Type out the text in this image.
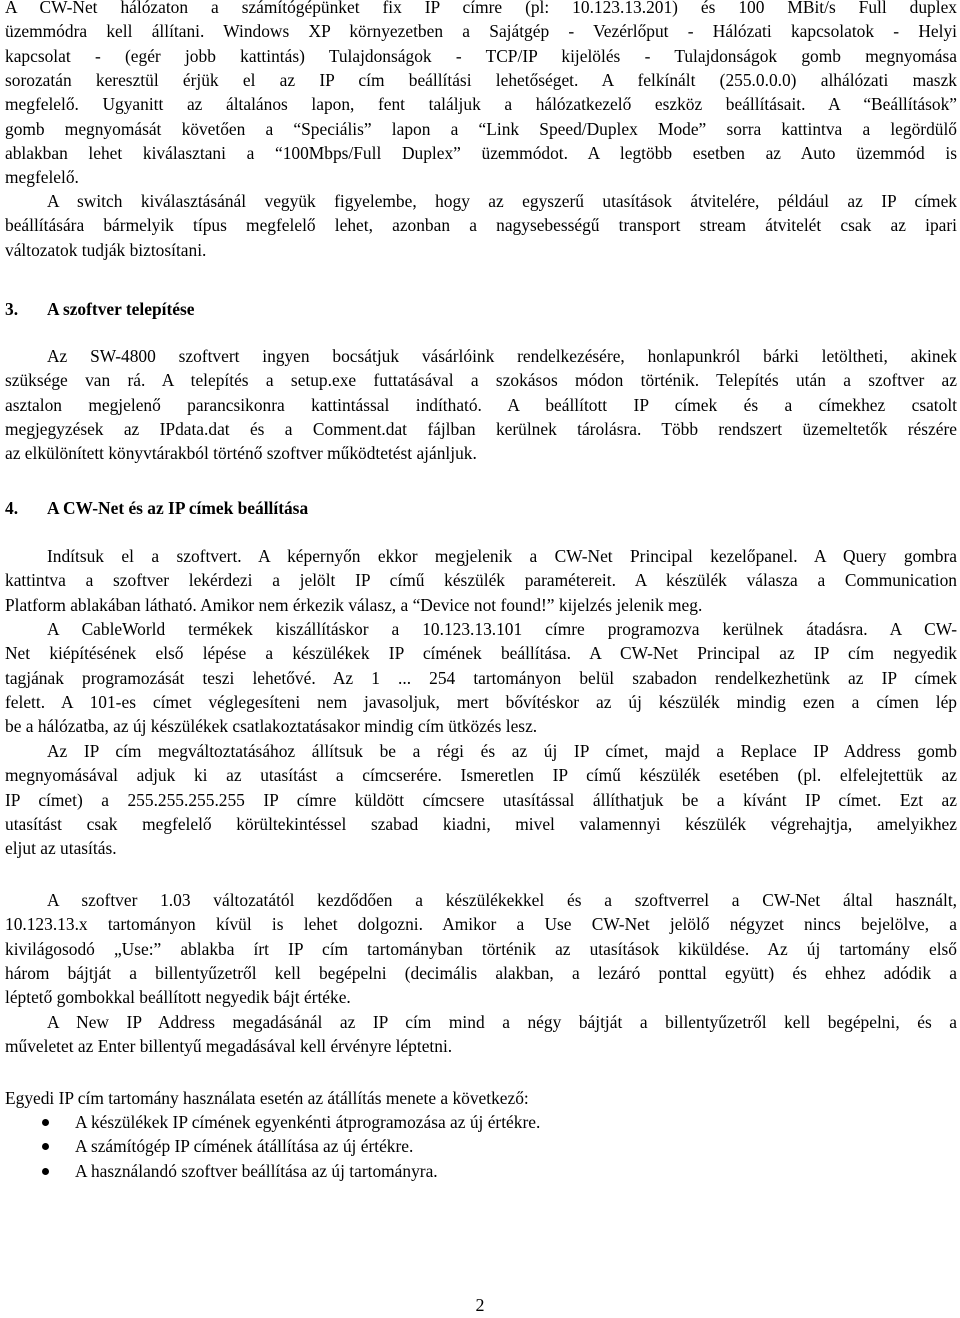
A CW-Net hálózaton a számítógépünket fix IP címre (pl: 10.123.13.201) és 100 MBit/s Full duplex
üzemmódra kell állítani. Windows XP környezetben a Sajátgép - Vezérlőput - Hálózati kapcsolatok - Helyi
kapcsolat - (egér jobb kattintás) Tulajdonságok - TCP/IP kijelölés - Tulajdonságok gomb megnyomása
sorozatán keresztül érjük el az IP cím beállítási lehetőséget. A felkínált (255.0.0.0) alhálózati maszk
megfelelő. Ugyanitt az általános lapon, fent találjuk a hálózatkezelő eszköz beállításait. A “Beállítások”
gomb megnyomását követően a “Speciális” lapon a “Link Speed/Duplex Mode” sorra kattintva a legördülő
ablakban lehet kiválasztani a “100Mbps/Full Duplex” üzemmódot. A legtöbb esetben az Auto üzemmód is
megfelelő.

A switch kiválasztásánál vegyük figyelembe, hogy az egyszerű utasítások átvitelére, például az IP címek
beállítására bármelyik típus megfelelő lehet, azonban a nagysebességű transport stream átvitelét csak az ipari
változatok tudják biztosítani.

3.	A szoftver telepítése

Az SW-4800 szoftvert ingyen bocsátjuk vásárlóink rendelkezésére, honlapunkról bárki letöltheti, akinek
szüksége van rá. A telepítés a setup.exe futtatásával a szokásos módon történik. Telepítés után a szoftver az
asztalon megjelenő parancsikonra kattintással indítható. A beállított IP címek és a címekhez csatolt
megjegyzések az IPdata.dat és a Comment.dat fájlban kerülnek tárolásra. Több rendszert üzemeltetők részére
az elkülönített könyvtárakból történő szoftver működtetést ajánljuk.

4.	A CW-Net és az IP címek beállítása

Indítsuk el a szoftvert. A képernyőn ekkor megjelenik a CW-Net Principal kezelőpanel. A Query gombra
kattintva a szoftver lekérdezi a jelölt IP című készülék paramétereit. A készülék válasza a Communication
Platform ablakában látható. Amikor nem érkezik válasz, a “Device not found!” kijelzés jelenik meg.

A CableWorld termékek kiszállításkor a 10.123.13.101 címre programozva kerülnek átadásra. A CW-
Net kiépítésének első lépése a készülékek IP címének beállítása. A CW-Net Principal az IP cím negyedik
tagjának programozását teszi lehetővé. Az 1 ... 254 tartományon belül szabadon rendelkezhetünk az IP címek
felett. A 101-es címet véglegesíteni nem javasoljuk, mert bővítéskor az új készülék mindig ezen a címen lép
be a hálózatba, az új készülékek csatlakoztatásakor mindig cím ütközés lesz.

Az IP cím megváltoztatásához állítsuk be a régi és az új IP címet, majd a Replace IP Address gomb
megnyomásával adjuk ki az utasítást a címcserére. Ismeretlen IP című készülék esetében (pl. elfelejtettük az
IP címet) a 255.255.255.255 IP címre küldött címcsere utasítással állíthatjuk be a kívánt IP címet. Ezt az
utasítást csak megfelelő körültekintéssel szabad kiadni, mivel valamennyi készülék végrehajtja, amelyikhez
eljut az utasítás.

A szoftver 1.03 változatától kezdődően a készülékekkel és a szoftverrel a CW-Net által használt,
10.123.13.x tartományon kívül is lehet dolgozni. Amikor a Use CW-Net jelölő négyzet nincs bejelölve, a
kivilágosodó „Use:” ablakba írt IP cím tartományban történik az utasítások kiküldése. Az új tartomány első
három bájtját a billentyűzetről kell begépelni (decimális alakban, a lezáró ponttal együtt) és ehhez adódik a
léptető gombokkal beállított negyedik bájt értéke.

A New IP Address megadásánál az IP cím mind a négy bájtját a billentyűzetről kell begépelni, és a
műveletet az Enter billentyű megadásával kell érvényre léptetni.

Egyedi IP cím tartomány használata esetén az átállítás menete a következő:

A készülékek IP címének egyenkénti átprogramozása az új értékre.
A számítógép IP címének átállítása az új értékre.
A használandó szoftver beállítása az új tartományra.
2
